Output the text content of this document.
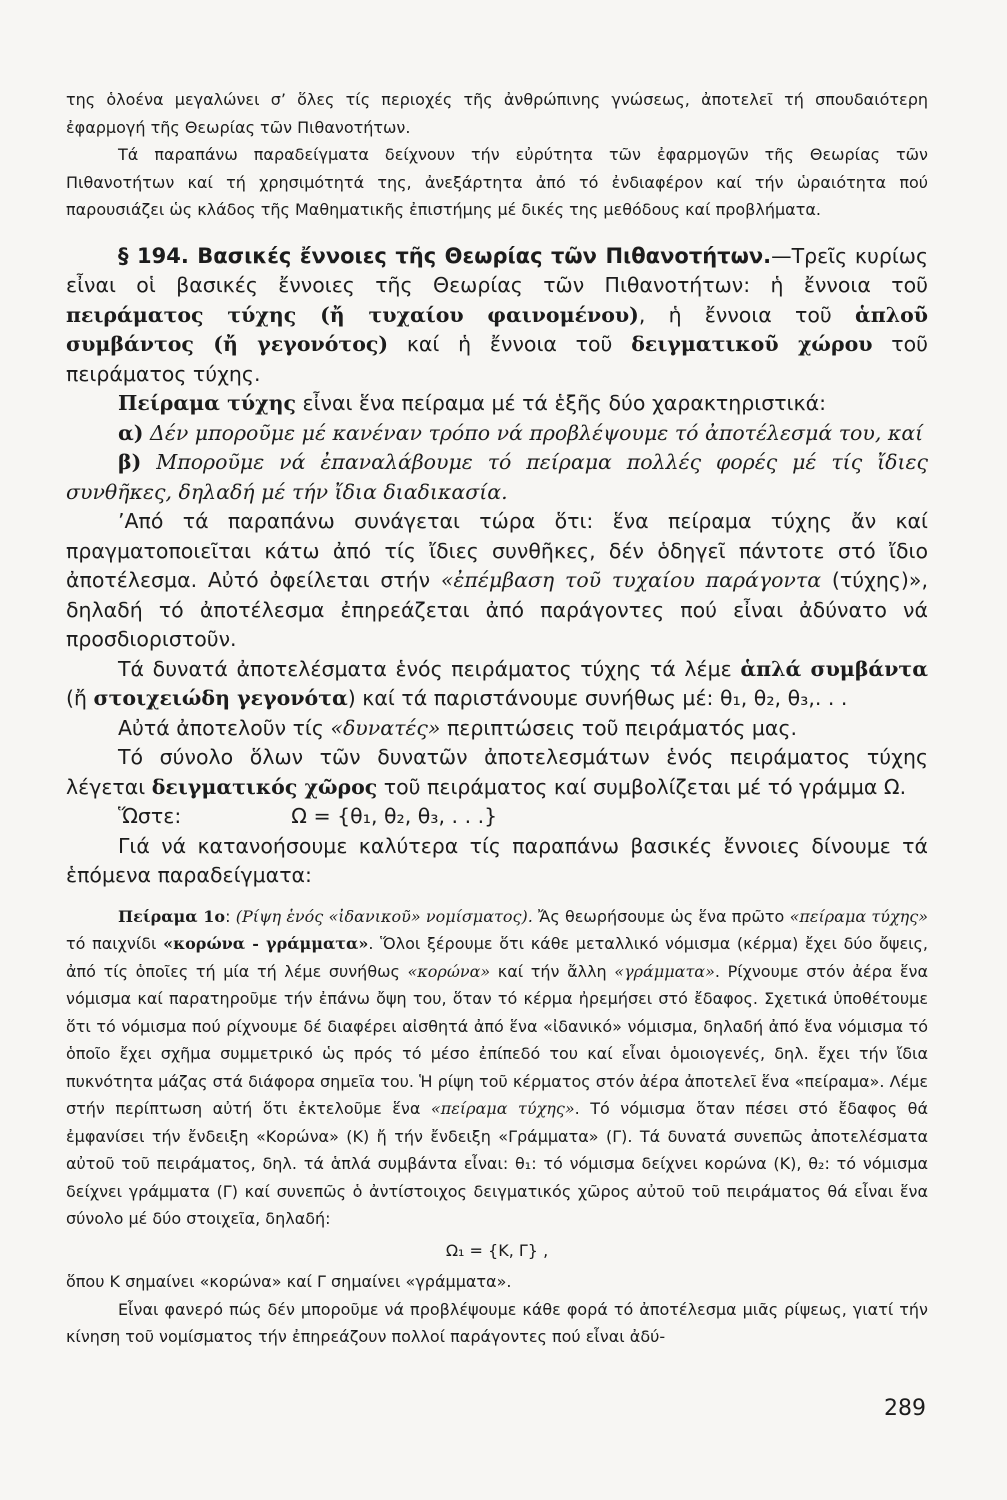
της ὁλοένα μεγαλώνει σ’ ὅλες τίς περιοχές τῆς ἀνθρώπινης γνώσεως, ἀποτελεῖ τή σπουδαιότερη ἐφαρμογή τῆς Θεωρίας τῶν Πιθανοτήτων.

Τά παραπάνω παραδείγματα δείχνουν τήν εὐρύτητα τῶν ἐφαρμογῶν τῆς Θεωρίας τῶν Πιθανοτήτων καί τή χρησιμότητά της, ἀνεξάρτητα ἀπό τό ἐνδιαφέρον καί τήν ὡραιότητα πού παρουσιάζει ὡς κλάδος τῆς Μαθηματικῆς ἐπιστήμης μέ δικές της μεθόδους καί προβλήματα.

§ 194. Βασικές ἔννοιες τῆς Θεωρίας τῶν Πιθανοτήτων.—Τρεῖς κυρίως εἶναι οἱ βασικές ἔννοιες τῆς Θεωρίας τῶν Πιθανοτήτων: ἡ ἔννοια τοῦ πειράματος τύχης (ἤ τυχαίου φαινομένου), ἡ ἔννοια τοῦ ἁπλοῦ συμβάντος (ἤ γεγονότος) καί ἡ ἔννοια τοῦ δειγματικοῦ χώρου τοῦ πειράματος τύχης.

Πείραμα τύχης εἶναι ἕνα πείραμα μέ τά ἑξῆς δύο χαρακτηριστικά:

α) Δέν μποροῦμε μέ κανέναν τρόπο νά προβλέψουμε τό ἀποτέλεσμά του, καί

β) Μποροῦμε νά ἐπαναλάβουμε τό πείραμα πολλές φορές μέ τίς ἴδιες συνθῆκες, δηλαδή μέ τήν ἴδια διαδικασία.

’Από τά παραπάνω συνάγεται τώρα ὅτι: ἕνα πείραμα τύχης ἄν καί πραγματοποιεῖται κάτω ἀπό τίς ἴδιες συνθῆκες, δέν ὁδηγεῖ πάντοτε στό ἴδιο ἀποτέλεσμα. Αὐτό ὀφείλεται στήν «ἐπέμβαση τοῦ τυχαίου παράγοντα (τύχης)», δηλαδή τό ἀποτέλεσμα ἐπηρεάζεται ἀπό παράγοντες πού εἶναι ἀδύνατο νά προσδιοριστοῦν.

Τά δυνατά ἀποτελέσματα ἑνός πειράματος τύχης τά λέμε ἁπλά συμβάντα (ἤ στοιχειώδη γεγονότα) καί τά παριστάνουμε συνήθως μέ: θ₁, θ₂, θ₃,. . .

Αὐτά ἀποτελοῦν τίς «δυνατές» περιπτώσεις τοῦ πειράματός μας.

Τό σύνολο ὅλων τῶν δυνατῶν ἀποτελεσμάτων ἑνός πειράματος τύχης λέγεται δειγματικός χῶρος τοῦ πειράματος καί συμβολίζεται μέ τό γράμμα Ω.

Ὥστε:	Ω = {θ₁, θ₂, θ₃, . . .}

Γιά νά κατανοήσουμε καλύτερα τίς παραπάνω βασικές ἔννοιες δίνουμε τά ἑπόμενα παραδείγματα:

Πείραμα 1ο: (Ρίψη ἑνός «ἰδανικοῦ» νομίσματος). Ἄς θεωρήσουμε ὡς ἕνα πρῶτο «πείραμα τύχης» τό παιχνίδι «κορώνα - γράμματα». Ὅλοι ξέρουμε ὅτι κάθε μεταλλικό νόμισμα (κέρμα) ἔχει δύο ὄψεις, ἀπό τίς ὁποῖες τή μία τή λέμε συνήθως «κορώνα» καί τήν ἄλλη «γράμματα». Ρίχνουμε στόν ἀέρα ἕνα νόμισμα καί παρατηροῦμε τήν ἐπάνω ὄψη του, ὅταν τό κέρμα ἠρεμήσει στό ἔδαφος. Σχετικά ὑποθέτουμε ὅτι τό νόμισμα πού ρίχνουμε δέ διαφέρει αἰσθητά ἀπό ἕνα «ἰδανικό» νόμισμα, δηλαδή ἀπό ἕνα νόμισμα τό ὁποῖο ἔχει σχῆμα συμμετρικό ὡς πρός τό μέσο ἐπίπεδό του καί εἶναι ὁμοιογενές, δηλ. ἔχει τήν ἴδια πυκνότητα μάζας στά διάφορα σημεῖα του. Ἡ ρίψη τοῦ κέρματος στόν ἀέρα ἀποτελεῖ ἕνα «πείραμα». Λέμε στήν περίπτωση αὐτή ὅτι ἐκτελοῦμε ἕνα «πείραμα τύχης». Τό νόμισμα ὅταν πέσει στό ἔδαφος θά ἐμφανίσει τήν ἔνδειξη «Κορώνα» (Κ) ἤ τήν ἔνδειξη «Γράμματα» (Γ). Τά δυνατά συνεπῶς ἀποτελέσματα αὐτοῦ τοῦ πειράματος, δηλ. τά ἁπλά συμβάντα εἶναι: θ₁: τό νόμισμα δείχνει κορώνα (Κ), θ₂: τό νόμισμα δείχνει γράμματα (Γ) καί συνεπῶς ὁ ἀντίστοιχος δειγματικός χῶρος αὐτοῦ τοῦ πειράματος θά εἶναι ἕνα σύνολο μέ δύο στοιχεῖα, δηλαδή:

Ω₁ = {Κ, Γ} ,

ὅπου Κ σημαίνει «κορώνα» καί Γ σημαίνει «γράμματα».

Εἶναι φανερό πώς δέν μποροῦμε νά προβλέψουμε κάθε φορά τό ἀποτέλεσμα μιᾶς ρίψεως, γιατί τήν κίνηση τοῦ νομίσματος τήν ἐπηρεάζουν πολλοί παράγοντες πού εἶναι ἀδύ-

289
